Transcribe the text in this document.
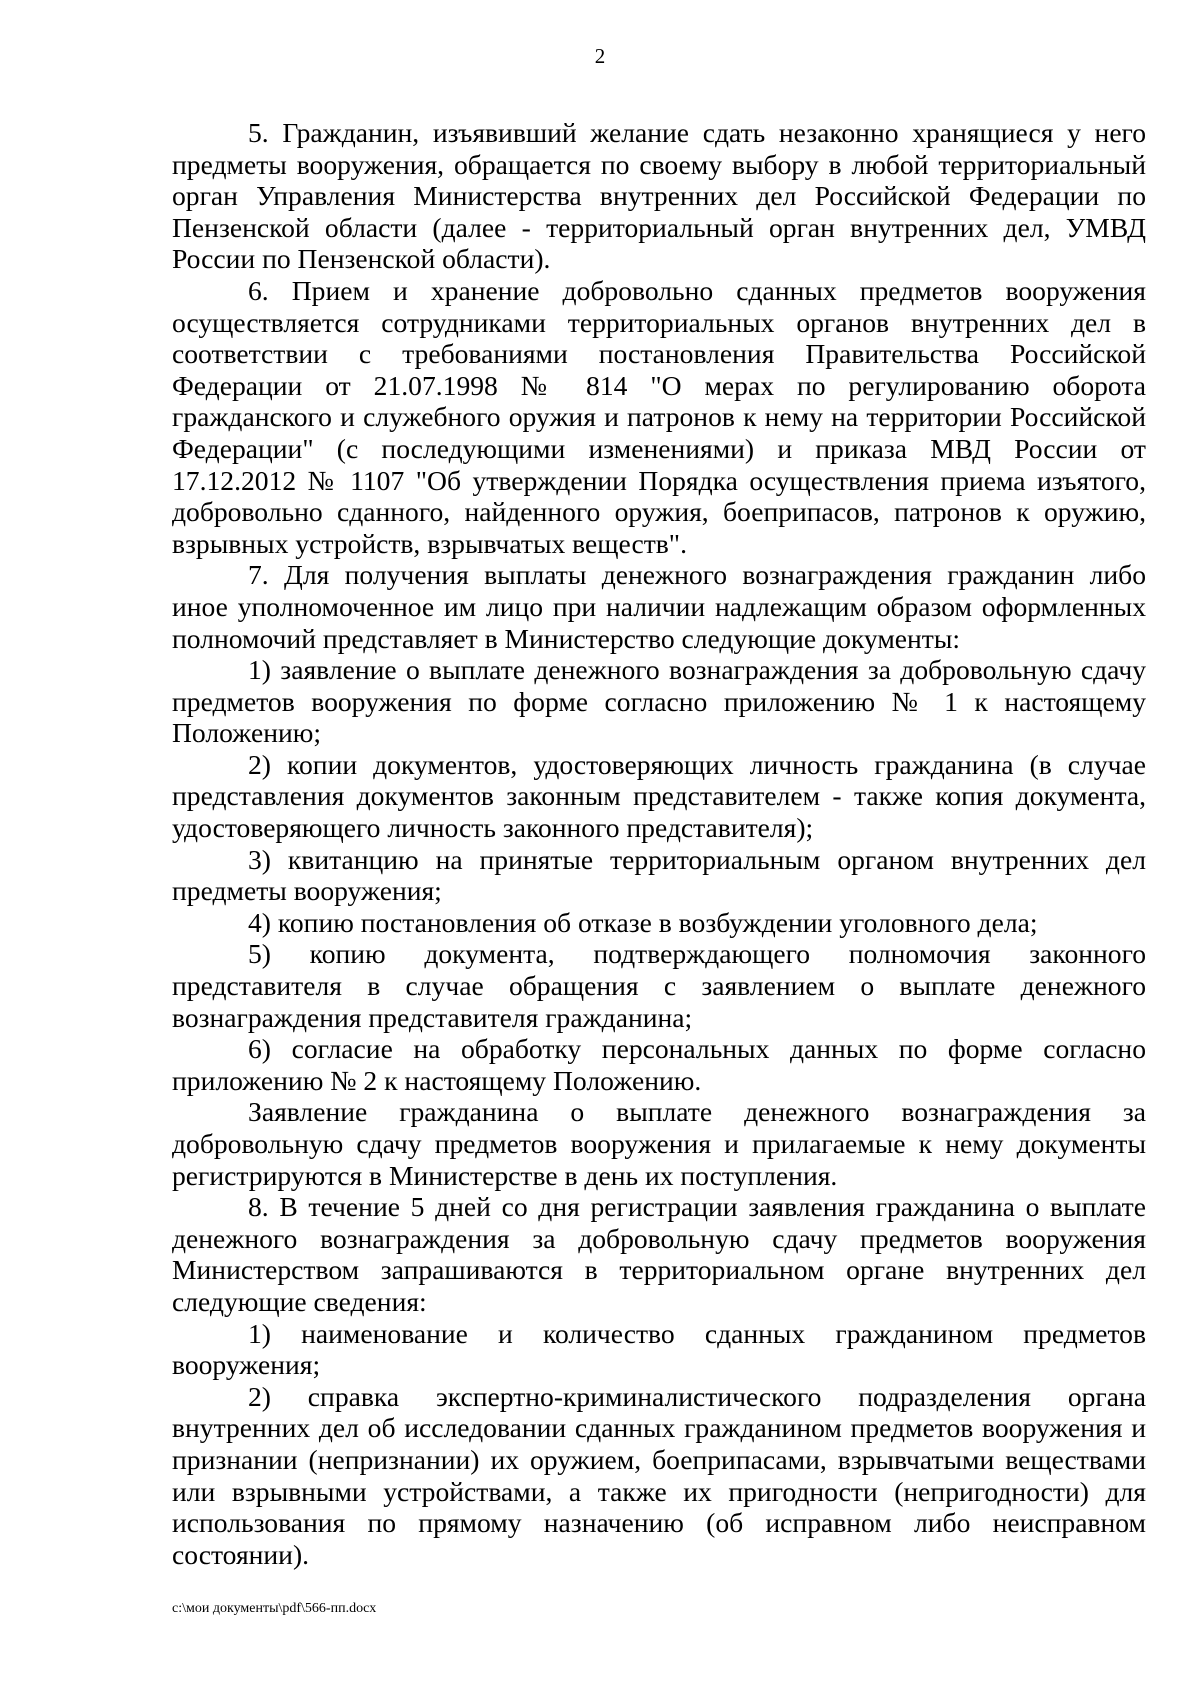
2

5. Гражданин, изъявивший желание сдать незаконно хранящиеся у него предметы вооружения, обращается по своему выбору в любой территориальный орган Управления Министерства внутренних дел Российской Федерации по Пензенской области (далее - территориальный орган внутренних дел, УМВД России по Пензенской области).

6. Прием и хранение добровольно сданных предметов вооружения осуществляется сотрудниками территориальных органов внутренних дел в соответствии с требованиями постановления Правительства Российской Федерации от 21.07.1998 № 814 "О мерах по регулированию оборота гражданского и служебного оружия и патронов к нему на территории Российской Федерации" (с последующими изменениями) и приказа МВД России от 17.12.2012 № 1107 "Об утверждении Порядка осуществления приема изъятого, добровольно сданного, найденного оружия, боеприпасов, патронов к оружию, взрывных устройств, взрывчатых веществ".

7. Для получения выплаты денежного вознаграждения гражданин либо иное уполномоченное им лицо при наличии надлежащим образом оформленных полномочий представляет в Министерство следующие документы:

1) заявление о выплате денежного вознаграждения за добровольную сдачу предметов вооружения по форме согласно приложению № 1 к настоящему Положению;

2) копии документов, удостоверяющих личность гражданина (в случае представления документов законным представителем - также копия документа, удостоверяющего личность законного представителя);

3) квитанцию на принятые территориальным органом внутренних дел предметы вооружения;

4) копию постановления об отказе в возбуждении уголовного дела;

5) копию документа, подтверждающего полномочия законного представителя в случае обращения с заявлением о выплате денежного вознаграждения представителя гражданина;

6) согласие на обработку персональных данных по форме согласно приложению № 2 к настоящему Положению.

Заявление гражданина о выплате денежного вознаграждения за добровольную сдачу предметов вооружения и прилагаемые к нему документы регистрируются в Министерстве в день их поступления.

8. В течение 5 дней со дня регистрации заявления гражданина о выплате денежного вознаграждения за добровольную сдачу предметов вооружения Министерством запрашиваются в территориальном органе внутренних дел следующие сведения:

1) наименование и количество сданных гражданином предметов вооружения;

2) справка экспертно-криминалистического подразделения органа внутренних дел об исследовании сданных гражданином предметов вооружения и признании (непризнании) их оружием, боеприпасами, взрывчатыми веществами или взрывными устройствами, а также их пригодности (непригодности) для использования по прямому назначению (об исправном либо неисправном состоянии).

c:\мои документы\pdf\566-пп.docx
